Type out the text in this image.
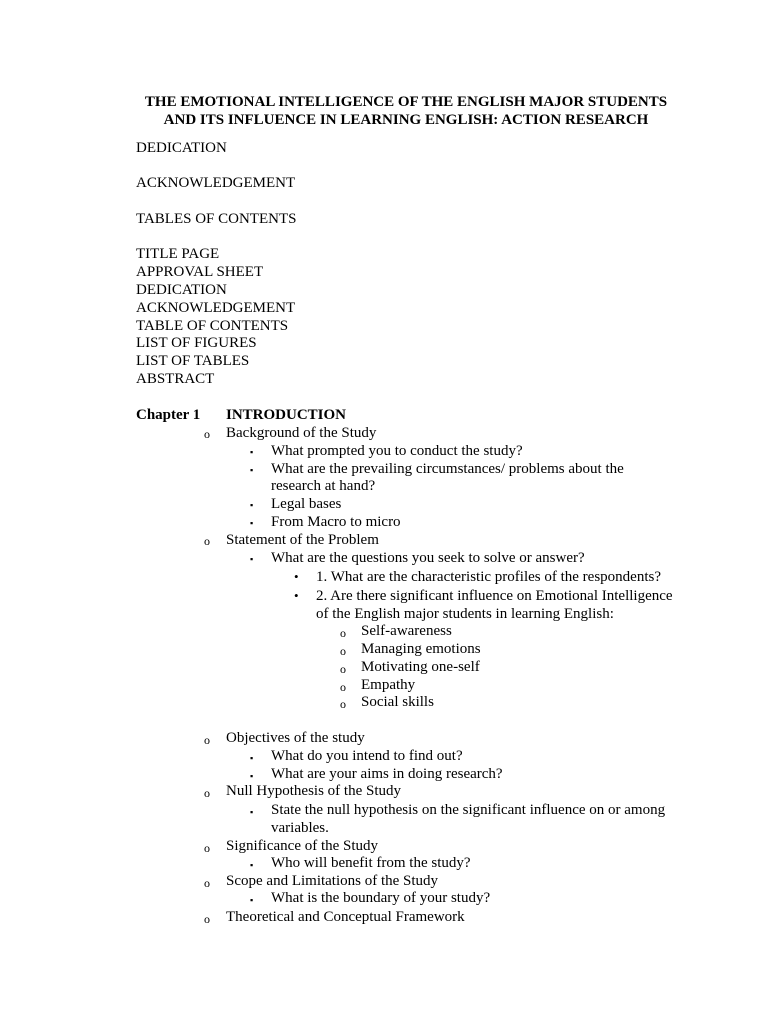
THE EMOTIONAL INTELLIGENCE OF THE ENGLISH MAJOR STUDENTS
AND ITS INFLUENCE IN LEARNING ENGLISH: ACTION RESEARCH
DEDICATION
ACKNOWLEDGEMENT
TABLES OF CONTENTS
TITLE PAGE
APPROVAL SHEET
DEDICATION
ACKNOWLEDGEMENT
TABLE OF CONTENTS
LIST OF FIGURES
LIST OF TABLES
ABSTRACT
Chapter 1 INTRODUCTION
o Background of the Study
▪ What prompted you to conduct the study?
▪ What are the prevailing circumstances/ problems about the
research at hand?
▪ Legal bases
▪ From Macro to micro
o Statement of the Problem
▪ What are the questions you seek to solve or answer?
• 1. What are the characteristic profiles of the respondents?
• 2. Are there significant influence on Emotional Intelligence
of the English major students in learning English:
o Self-awareness
o Managing emotions
o Motivating one-self
o Empathy
o Social skills
o Objectives of the study
▪ What do you intend to find out?
▪ What are your aims in doing research?
o Null Hypothesis of the Study
▪ State the null hypothesis on the significant influence on or among
variables.
o Significance of the Study
▪ Who will benefit from the study?
o Scope and Limitations of the Study
▪ What is the boundary of your study?
o Theoretical and Conceptual Framework
